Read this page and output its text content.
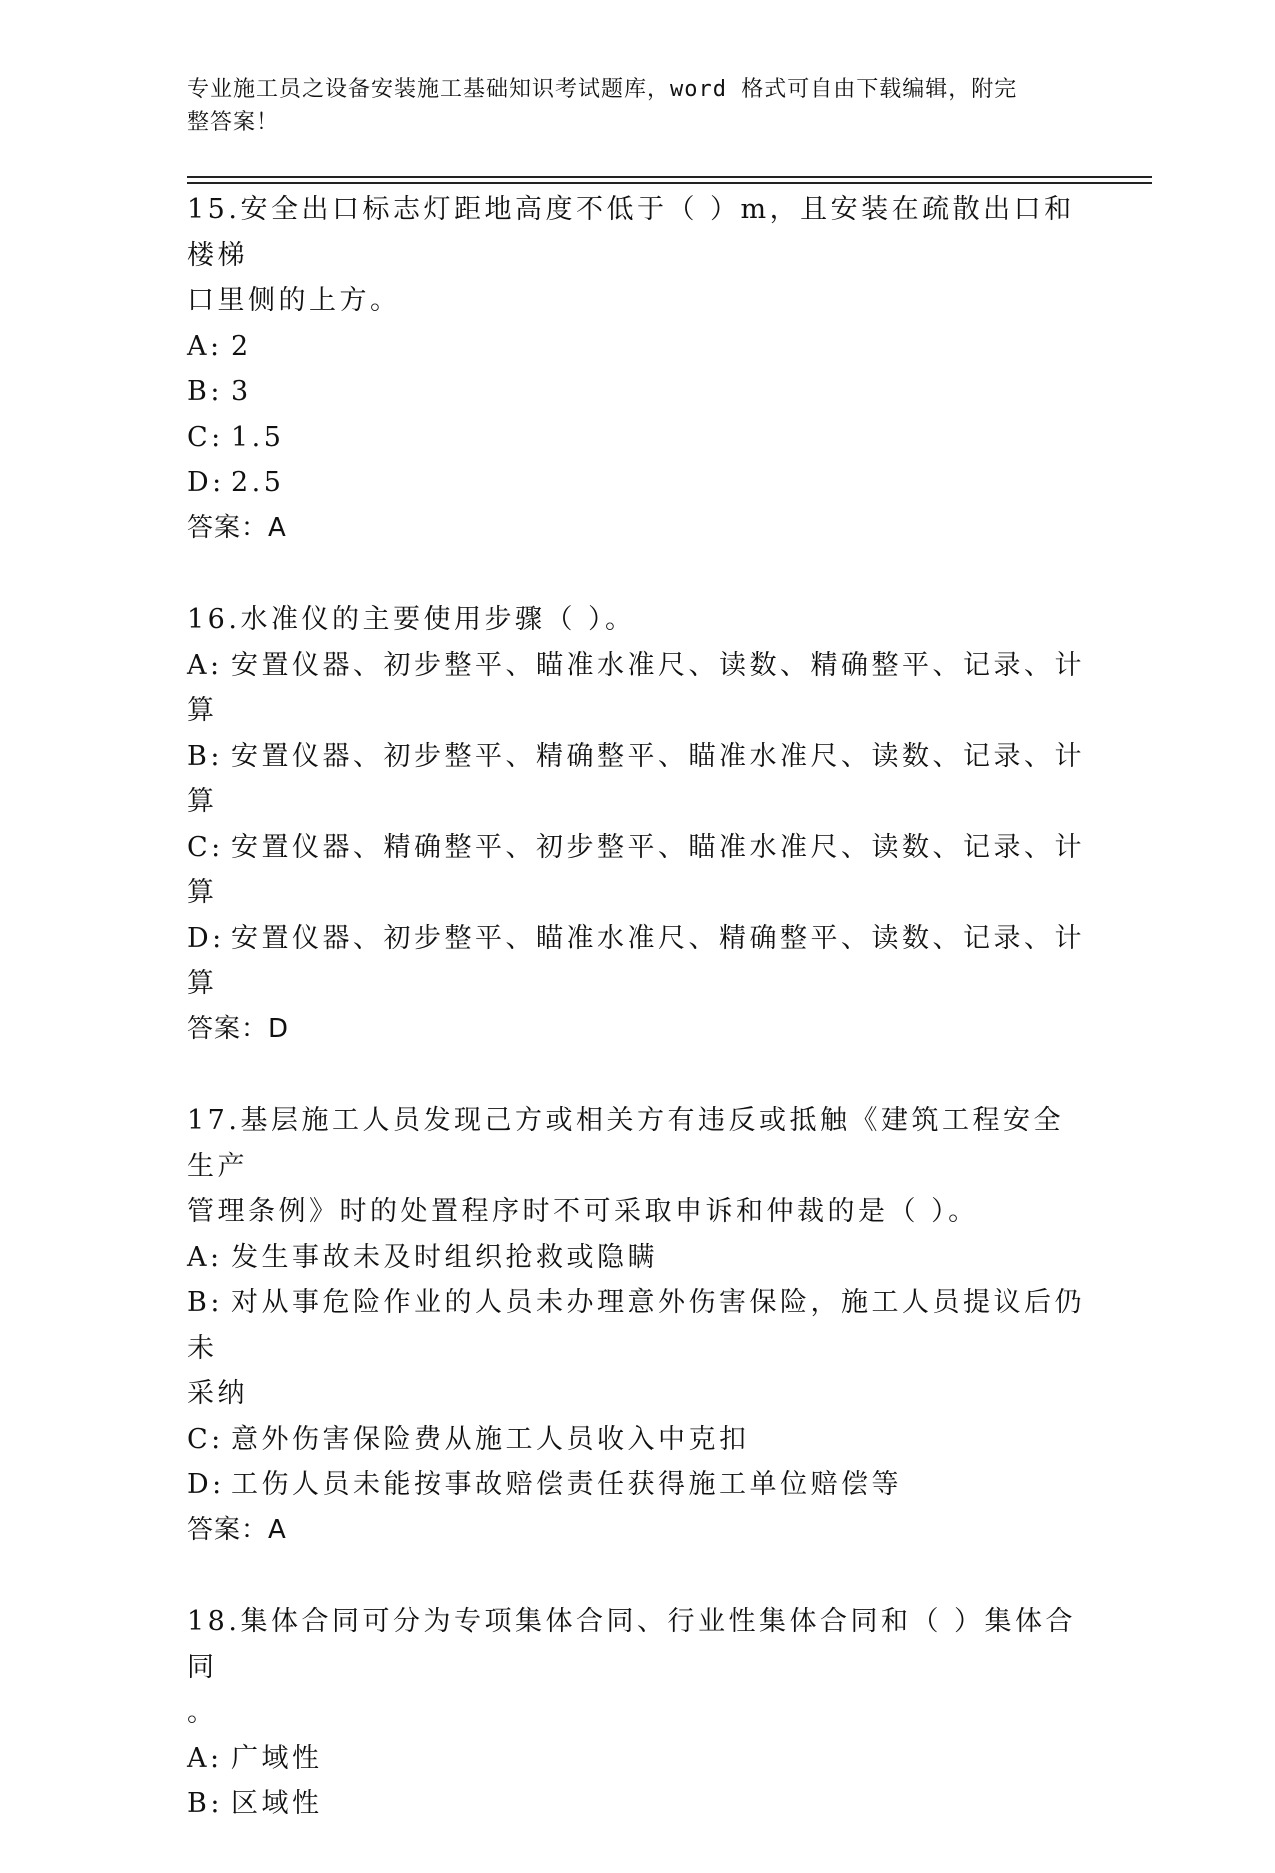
专业施工员之设备安装施工基础知识考试题库，word 格式可自由下载编辑，附完
整答案！
15.安全出口标志灯距地高度不低于（ ）m，且安装在疏散出口和楼梯
口里侧的上方。
A: 2
B: 3
C: 1.5
D: 2.5
答案：A
16.水准仪的主要使用步骤（ ）。
A: 安置仪器、初步整平、瞄准水准尺、读数、精确整平、记录、计算
B: 安置仪器、初步整平、精确整平、瞄准水准尺、读数、记录、计算
C: 安置仪器、精确整平、初步整平、瞄准水准尺、读数、记录、计算
D: 安置仪器、初步整平、瞄准水准尺、精确整平、读数、记录、计算
答案：D
17.基层施工人员发现己方或相关方有违反或抵触《建筑工程安全生产
管理条例》时的处置程序时不可采取申诉和仲裁的是（ ）。
A: 发生事故未及时组织抢救或隐瞒
B: 对从事危险作业的人员未办理意外伤害保险，施工人员提议后仍未
采纳
C: 意外伤害保险费从施工人员收入中克扣
D: 工伤人员未能按事故赔偿责任获得施工单位赔偿等
答案：A
18.集体合同可分为专项集体合同、行业性集体合同和（ ）集体合同
。
A: 广域性
B: 区域性
